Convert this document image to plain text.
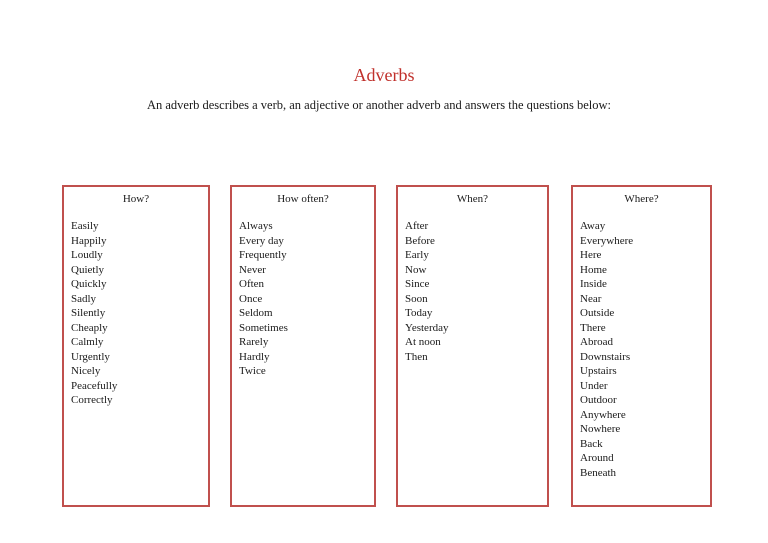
Adverbs
An adverb describes a verb, an adjective or another adverb and answers the questions below:
How?
Easily
Happily
Loudly
Quietly
Quickly
Sadly
Silently
Cheaply
Calmly
Urgently
Nicely
Peacefully
Correctly
How often?
Always
Every day
Frequently
Never
Often
Once
Seldom
Sometimes
Rarely
Hardly
Twice
When?
After
Before
Early
Now
Since
Soon
Today
Yesterday
At noon
Then
Where?
Away
Everywhere
Here
Home
Inside
Near
Outside
There
Abroad
Downstairs
Upstairs
Under
Outdoor
Anywhere
Nowhere
Back
Around
Beneath
